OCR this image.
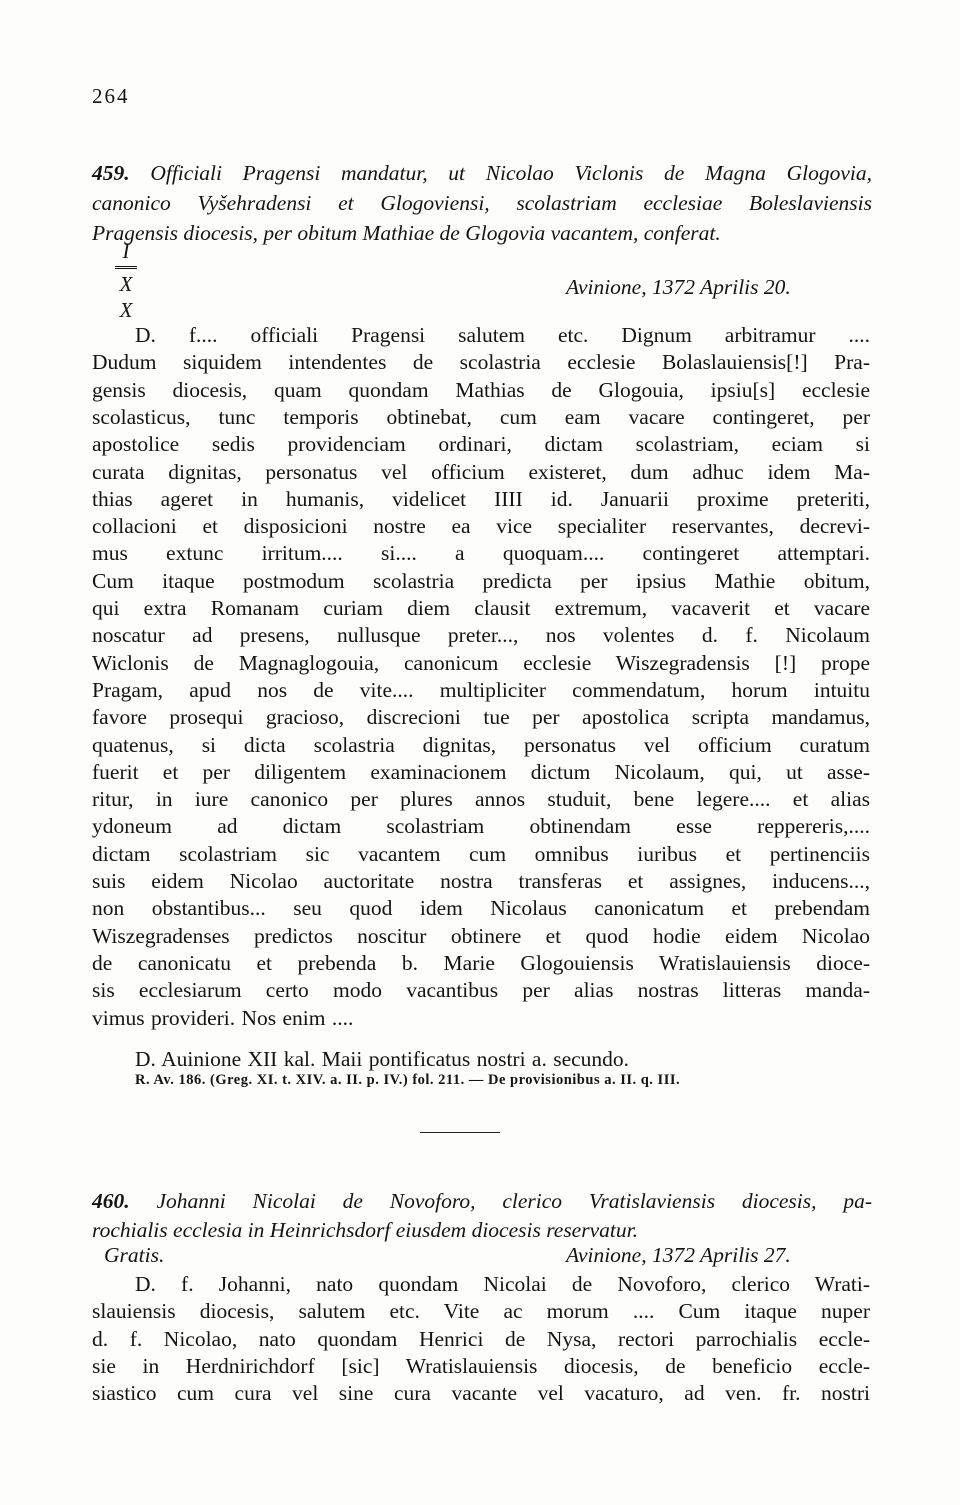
264
459. Officiali Pragensi mandatur, ut Nicolao Viclonis de Magna Glogovia,
canonico Vyšehradensi et Glogoviensi, scolastriam ecclesiae Boleslaviensis
Pragensis diocesis, per obitum Mathiae de Glogovia vacantem, conferat.
I
X
X
Avinione, 1372 Aprilis 20.
D. f.... officiali Pragensi salutem etc. Dignum arbitramur ....
Dudum siquidem intendentes de scolastria ecclesie Bolaslauiensis[!] Pra-
gensis diocesis, quam quondam Mathias de Glogouia, ipsiu[s] ecclesie
scolasticus, tunc temporis obtinebat, cum eam vacare contingeret, per
apostolice sedis providenciam ordinari, dictam scolastriam, eciam si
curata dignitas, personatus vel officium existeret, dum adhuc idem Ma-
thias ageret in humanis, videlicet IIII id. Januarii proxime preteriti,
collacioni et disposicioni nostre ea vice specialiter reservantes, decrevi-
mus extunc irritum.... si.... a quoquam.... contingeret attemptari.
Cum itaque postmodum scolastria predicta per ipsius Mathie obitum,
qui extra Romanam curiam diem clausit extremum, vacaverit et vacare
noscatur ad presens, nullusque preter..., nos volentes d. f. Nicolaum
Wiclonis de Magnaglogouia, canonicum ecclesie Wiszegradensis [!] prope
Pragam, apud nos de vite.... multipliciter commendatum, horum intuitu
favore prosequi gracioso, discrecioni tue per apostolica scripta mandamus,
quatenus, si dicta scolastria dignitas, personatus vel officium curatum
fuerit et per diligentem examinacionem dictum Nicolaum, qui, ut asse-
ritur, in iure canonico per plures annos studuit, bene legere.... et alias
ydoneum ad dictam scolastriam obtinendam esse reppereris,....
dictam scolastriam sic vacantem cum omnibus iuribus et pertinenciis
suis eidem Nicolao auctoritate nostra transferas et assignes, inducens...,
non obstantibus... seu quod idem Nicolaus canonicatum et prebendam
Wiszegradenses predictos noscitur obtinere et quod hodie eidem Nicolao
de canonicatu et prebenda b. Marie Glogouiensis Wratislauiensis dioce-
sis ecclesiarum certo modo vacantibus per alias nostras litteras manda-
vimus provideri. Nos enim ....
D. Auinione XII kal. Maii pontificatus nostri a. secundo.
R. Av. 186. (Greg. XI. t. XIV. a. II. p. IV.) fol. 211. — De provisionibus a. II. q. III.
460. Johanni Nicolai de Novoforo, clerico Vratislaviensis diocesis, pa-
rochialis ecclesia in Heinrichsdorf eiusdem diocesis reservatur.
Gratis.	Avinione, 1372 Aprilis 27.
D. f. Johanni, nato quondam Nicolai de Novoforo, clerico Wrati-
slauiensis diocesis, salutem etc. Vite ac morum .... Cum itaque nuper
d. f. Nicolao, nato quondam Henrici de Nysa, rectori parrochialis eccle-
sie in Herdnirichdorf [sic] Wratislauiensis diocesis, de beneficio eccle-
siastico cum cura vel sine cura vacante vel vacaturo, ad ven. fr. nostri
